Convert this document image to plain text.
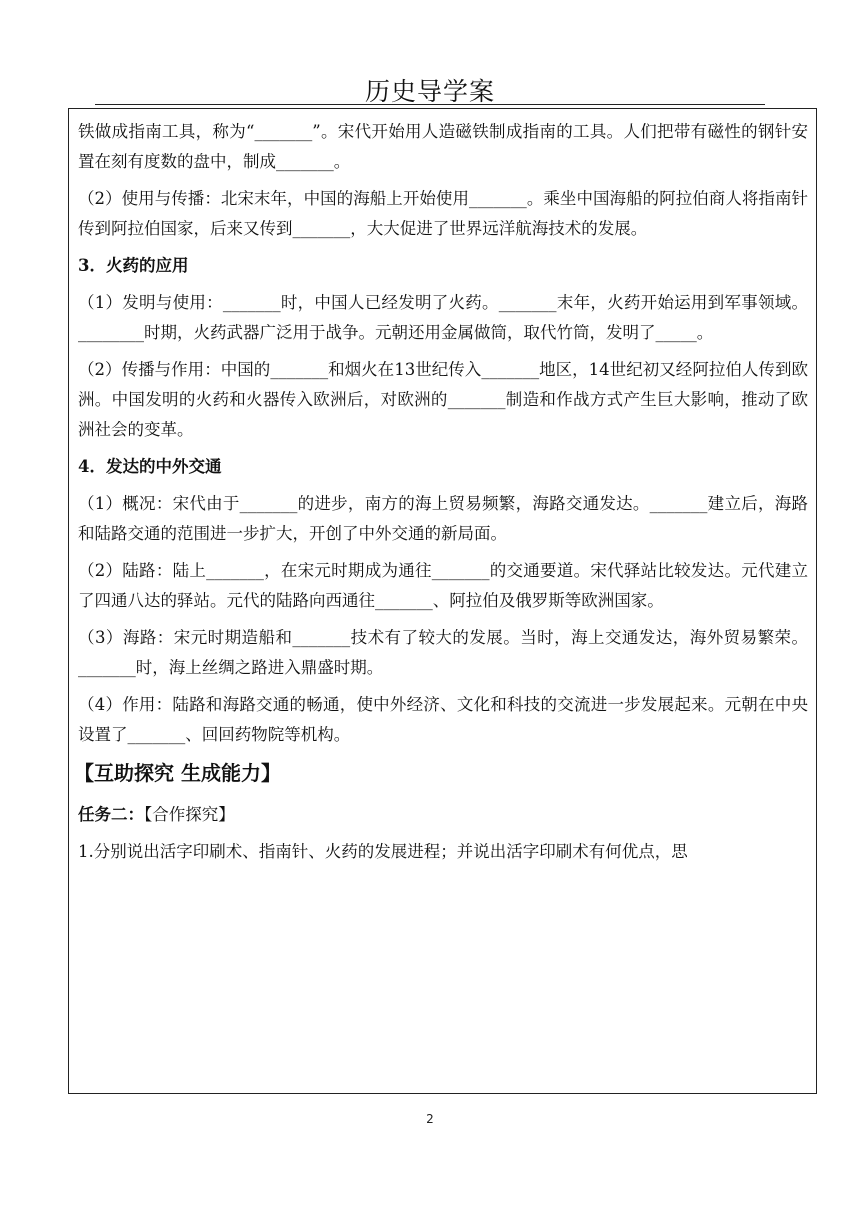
历史导学案

铁做成指南工具，称为“_______”。宋代开始用人造磁铁制成指南的工具。人们把带有磁性的钢针安置在刻有度数的盘中，制成_______。

（2）使用与传播：北宋末年，中国的海船上开始使用_______。乘坐中国海船的阿拉伯商人将指南针传到阿拉伯国家，后来又传到_______，大大促进了世界远洋航海技术的发展。

3．火药的应用

（1）发明与使用：_______时，中国人已经发明了火药。_______末年，火药开始运用到军事领域。________时期，火药武器广泛用于战争。元朝还用金属做筒，取代竹筒，发明了_____。

（2）传播与作用：中国的_______和烟火在13世纪传入_______地区，14世纪初又经阿拉伯人传到欧洲。中国发明的火药和火器传入欧洲后，对欧洲的_______制造和作战方式产生巨大影响，推动了欧洲社会的变革。

4．发达的中外交通

（1）概况：宋代由于_______的进步，南方的海上贸易频繁，海路交通发达。_______建立后，海路和陆路交通的范围进一步扩大，开创了中外交通的新局面。

（2）陆路：陆上_______，在宋元时期成为通往_______的交通要道。宋代驿站比较发达。元代建立了四通八达的驿站。元代的陆路向西通往_______、阿拉伯及俄罗斯等欧洲国家。

（3）海路：宋元时期造船和_______技术有了较大的发展。当时，海上交通发达，海外贸易繁荣。_______时，海上丝绸之路进入鼎盛时期。

（4）作用：陆路和海路交通的畅通，使中外经济、文化和科技的交流进一步发展起来。元朝在中央设置了_______、回回药物院等机构。

【互助探究 生成能力】

任务二：【合作探究】

1.分别说出活字印刷术、指南针、火药的发展进程；并说出活字印刷术有何优点，思

2
